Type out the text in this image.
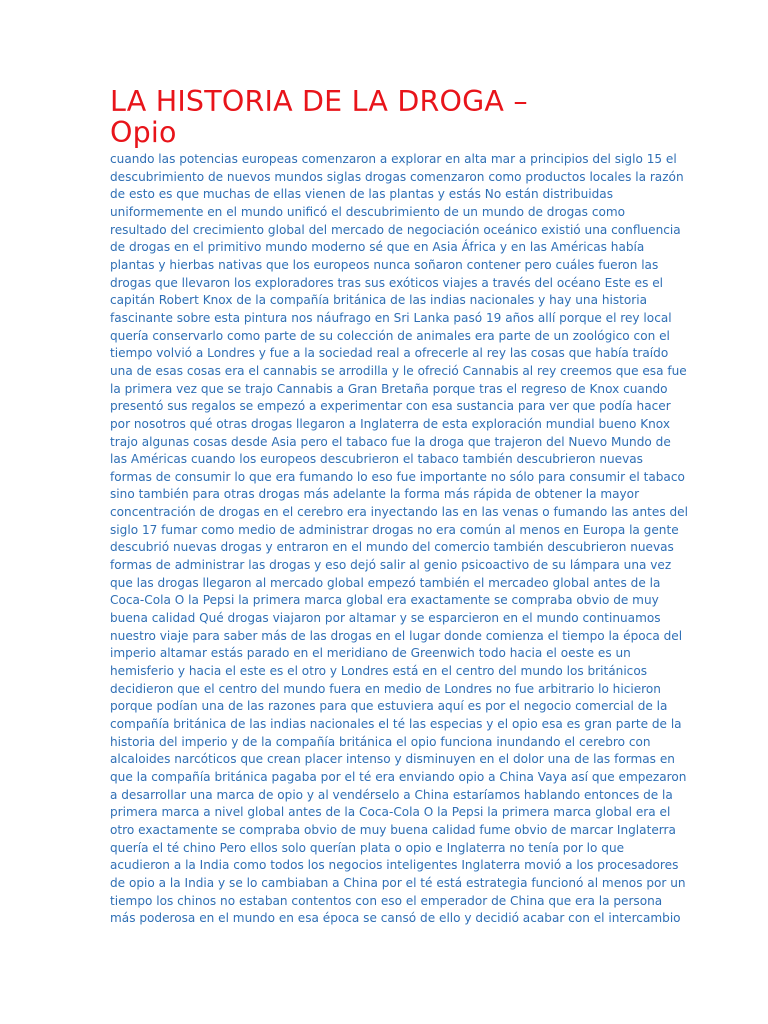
LA HISTORIA DE LA DROGA –
Opio
cuando las potencias europeas comenzaron a explorar en alta mar a principios del siglo 15 el
descubrimiento de nuevos mundos siglas drogas comenzaron como productos locales la razón
de esto es que muchas de ellas vienen de las plantas y estás No están distribuidas
uniformemente en el mundo unificó el descubrimiento de un mundo de drogas como
resultado del crecimiento global del mercado de negociación oceánico existió una confluencia
de drogas en el primitivo mundo moderno sé que en Asia África y en las Américas había
plantas y hierbas nativas que los europeos nunca soñaron contener pero cuáles fueron las
drogas que llevaron los exploradores tras sus exóticos viajes a través del océano Este es el
capitán Robert Knox de la compañía británica de las indias nacionales y hay una historia
fascinante sobre esta pintura nos náufrago en Sri Lanka pasó 19 años allí porque el rey local
quería conservarlo como parte de su colección de animales era parte de un zoológico con el
tiempo volvió a Londres y fue a la sociedad real a ofrecerle al rey las cosas que había traído
una de esas cosas era el cannabis se arrodilla y le ofreció Cannabis al rey creemos que esa fue
la primera vez que se trajo Cannabis a Gran Bretaña porque tras el regreso de Knox cuando
presentó sus regalos se empezó a experimentar con esa sustancia para ver que podía hacer
por nosotros qué otras drogas llegaron a Inglaterra de esta exploración mundial bueno Knox
trajo algunas cosas desde Asia pero el tabaco fue la droga que trajeron del Nuevo Mundo de
las Américas cuando los europeos descubrieron el tabaco también descubrieron nuevas
formas de consumir lo que era fumando lo eso fue importante no sólo para consumir el tabaco
sino también para otras drogas más adelante la forma más rápida de obtener la mayor
concentración de drogas en el cerebro era inyectando las en las venas o fumando las antes del
siglo 17 fumar como medio de administrar drogas no era común al menos en Europa la gente
descubrió nuevas drogas y entraron en el mundo del comercio también descubrieron nuevas
formas de administrar las drogas y eso dejó salir al genio psicoactivo de su lámpara una vez
que las drogas llegaron al mercado global empezó también el mercadeo global antes de la
Coca-Cola O la Pepsi la primera marca global era exactamente se compraba obvio de muy
buena calidad Qué drogas viajaron por altamar y se esparcieron en el mundo continuamos
nuestro viaje para saber más de las drogas en el lugar donde comienza el tiempo la época del
imperio altamar estás parado en el meridiano de Greenwich todo hacia el oeste es un
hemisferio y hacia el este es el otro y Londres está en el centro del mundo los británicos
decidieron que el centro del mundo fuera en medio de Londres no fue arbitrario lo hicieron
porque podían una de las razones para que estuviera aquí es por el negocio comercial de la
compañía británica de las indias nacionales el té las especias y el opio esa es gran parte de la
historia del imperio y de la compañía británica el opio funciona inundando el cerebro con
alcaloides narcóticos que crean placer intenso y disminuyen en el dolor una de las formas en
que la compañía británica pagaba por el té era enviando opio a China Vaya así que empezaron
a desarrollar una marca de opio y al vendérselo a China estaríamos hablando entonces de la
primera marca a nivel global antes de la Coca-Cola O la Pepsi la primera marca global era el
otro exactamente se compraba obvio de muy buena calidad fume obvio de marcar Inglaterra
quería el té chino Pero ellos solo querían plata o opio e Inglaterra no tenía por lo que
acudieron a la India como todos los negocios inteligentes Inglaterra movió a los procesadores
de opio a la India y se lo cambiaban a China por el té está estrategia funcionó al menos por un
tiempo los chinos no estaban contentos con eso el emperador de China que era la persona
más poderosa en el mundo en esa época se cansó de ello y decidió acabar con el intercambio
